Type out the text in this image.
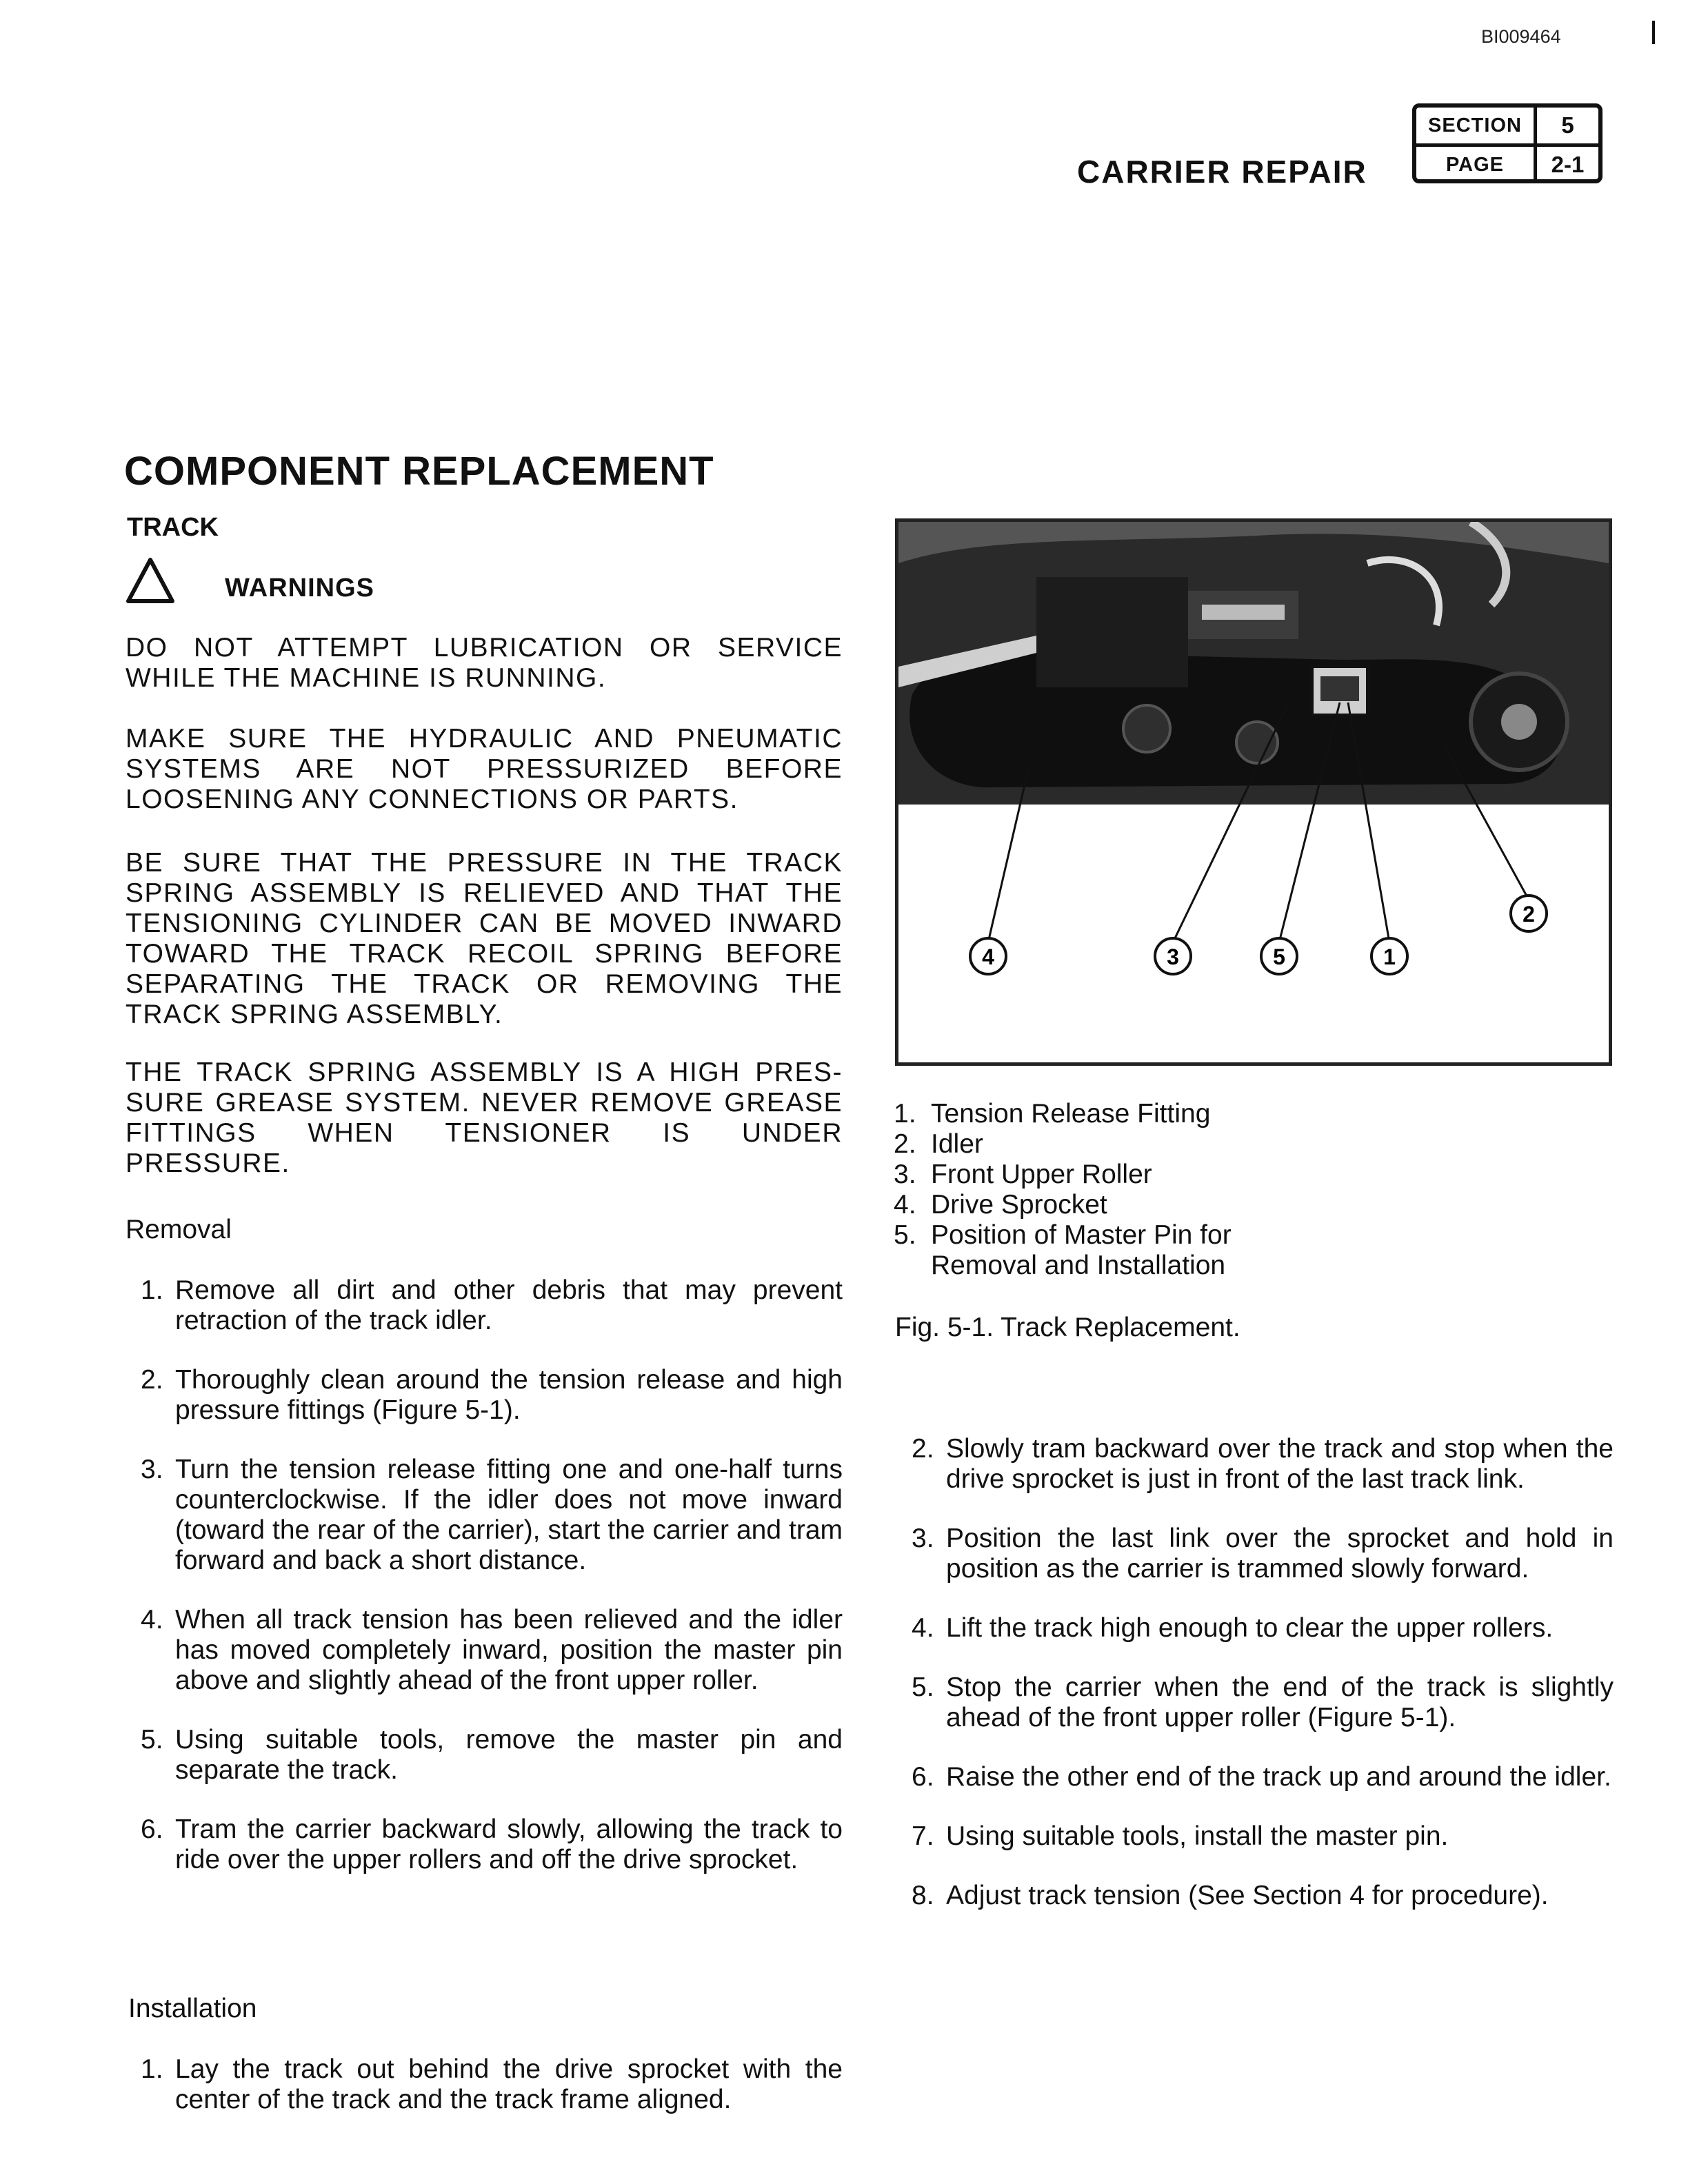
BI009464
CARRIER REPAIR
SECTION	5
PAGE	2-1
COMPONENT REPLACEMENT
TRACK
WARNINGS
DO NOT ATTEMPT LUBRICATION OR SERVICE WHILE THE MACHINE IS RUNNING.
MAKE SURE THE HYDRAULIC AND PNEUMATIC SYSTEMS ARE NOT PRESSURIZED BEFORE LOOSENING ANY CONNECTIONS OR PARTS.
BE SURE THAT THE PRESSURE IN THE TRACK SPRING ASSEMBLY IS RELIEVED AND THAT THE TENSIONING CYLINDER CAN BE MOVED INWARD TOWARD THE TRACK RECOIL SPRING BEFORE SEPARATING THE TRACK OR REMOVING THE TRACK SPRING ASSEMBLY.
THE TRACK SPRING ASSEMBLY IS A HIGH PRES-SURE GREASE SYSTEM. NEVER REMOVE GREASE FITTINGS WHEN TENSIONER IS UNDER PRESSURE.
Removal
1. Remove all dirt and other debris that may prevent retraction of the track idler.
2. Thoroughly clean around the tension release and high pressure fittings (Figure 5-1).
3. Turn the tension release fitting one and one-half turns counterclockwise. If the idler does not move inward (toward the rear of the carrier), start the carrier and tram forward and back a short distance.
4. When all track tension has been relieved and the idler has moved completely inward, position the master pin above and slightly ahead of the front upper roller.
5. Using suitable tools, remove the master pin and separate the track.
6. Tram the carrier backward slowly, allowing the track to ride over the upper rollers and off the drive sprocket.
Installation
1. Lay the track out behind the drive sprocket with the center of the track and the track frame aligned.
4	3	5	1
2
1. Tension Release Fitting
2. Idler
3. Front Upper Roller
4. Drive Sprocket
5. Position of Master Pin for Removal and Installation
Fig. 5-1. Track Replacement.
2. Slowly tram backward over the track and stop when the drive sprocket is just in front of the last track link.
3. Position the last link over the sprocket and hold in position as the carrier is trammed slowly forward.
4. Lift the track high enough to clear the upper rollers.
5. Stop the carrier when the end of the track is slightly ahead of the front upper roller (Figure 5-1).
6. Raise the other end of the track up and around the idler.
7. Using suitable tools, install the master pin.
8. Adjust track tension (See Section 4 for procedure).
